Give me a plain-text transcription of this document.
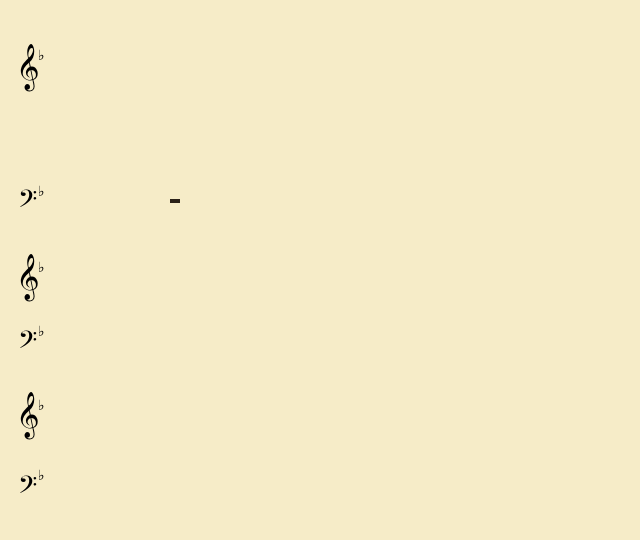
𝄞
𝄢
𝄞
𝄢
𝄞
𝄢
♭
♭
♭
♭
♭
♭
